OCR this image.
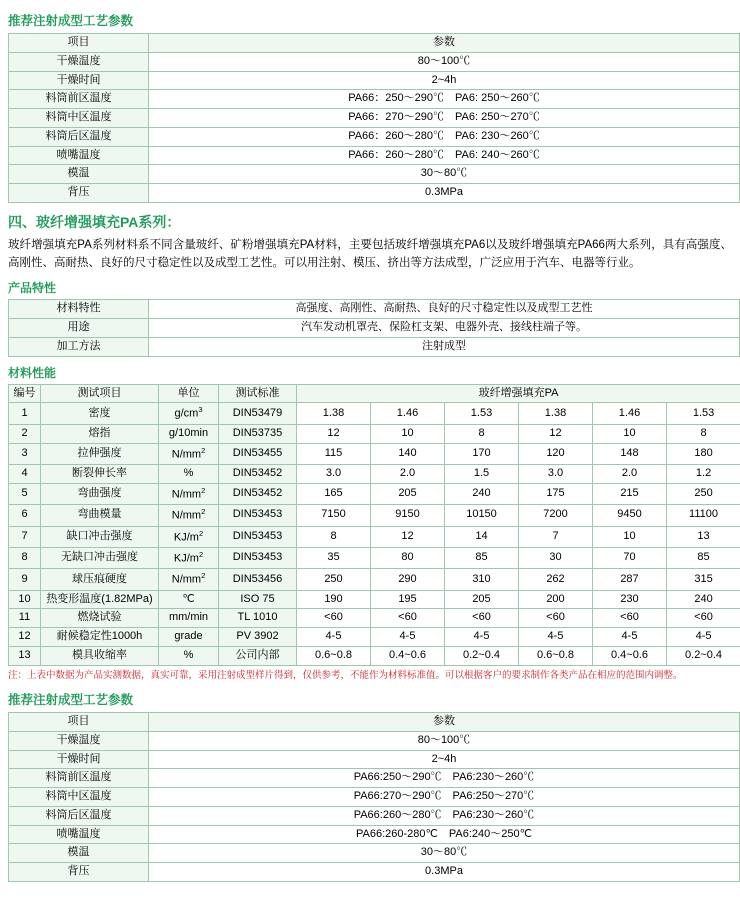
推荐注射成型工艺参数
项目	参数
干燥温度	80～100℃
干燥时间	2~4h
料筒前区温度	PA66：250～290℃　PA6: 250～260℃
料筒中区温度	PA66：270～290℃　PA6: 250～270℃
料筒后区温度	PA66：260～280℃　PA6: 230～260℃
喷嘴温度	PA66：260～280℃　PA6: 240～260℃
模温	30～80℃
背压	0.3MPa
四、玻纤增强填充PA系列：

玻纤增强填充PA系列材料系不同含量玻纤、矿粉增强填充PA材料，主要包括玻纤增强填充PA6以及玻纤增强填充PA66两大系列，具有高强度、高刚性、高耐热、良好的尺寸稳定性以及成型工艺性。可以用注射、模压、挤出等方法成型，广泛应用于汽车、电器等行业。

产品特性
材料特性	高强度、高刚性、高耐热、良好的尺寸稳定性以及成型工艺性
用途	汽车发动机罩壳、保险杠支架、电器外壳、接线柱端子等。
加工方法	注射成型
材料性能
编号	测试项目	单位	测试标准	玻纤增强填充PA					
1	密度	$g/cm^3$	DIN53479	1.38	1.46	1.53	1.38	1.46	1.53
2	熔指	g/10min	DIN53735	12	10	8	12	10	8
3	拉伸强度	$N/mm^2$	DIN53455	115	140	170	120	148	180
4	断裂伸长率	%	DIN53452	3.0	2.0	1.5	3.0	2.0	1.2
5	弯曲强度	$N/mm^2$	DIN53452	165	205	240	175	215	250
6	弯曲模量	$N/mm^2$	DIN53453	7150	9150	10150	7200	9450	11100
7	缺口冲击强度	$KJ/m^2$	DIN53453	8	12	14	7	10	13
8	无缺口冲击强度	$KJ/m^2$	DIN53453	35	80	85	30	70	85
9	球压痕硬度	$N/mm^2$	DIN53456	250	290	310	262	287	315
10	热变形温度(1.82MPa)	℃	ISO 75	190	195	205	200	230	240
11	燃烧试验	mm/min	TL 1010	<60	<60	<60	<60	<60	<60
12	耐候稳定性1000h	grade	PV 3902	4-5	4-5	4-5	4-5	4-5	4-5
13	模具收缩率	%	公司内部	0.6~0.8	0.4~0.6	0.2~0.4	0.6~0.8	0.4~0.6	0.2~0.4
注：上表中数据为产品实测数据，真实可靠，采用注射成型样片得到，仅供参考，不能作为材料标准值。可以根据客户的要求制作各类产品在相应的范围内调整。
推荐注射成型工艺参数
项目	参数
干燥温度	80～100℃
干燥时间	2~4h
料筒前区温度	PA66:250～290℃　PA6:230～260℃
料筒中区温度	PA66:270～290℃　PA6:250～270℃
料筒后区温度	PA66:260～280℃　PA6:230～260℃
喷嘴温度	PA66:260-280℃　PA6:240～250℃
模温	30～80℃
背压	0.3MPa
